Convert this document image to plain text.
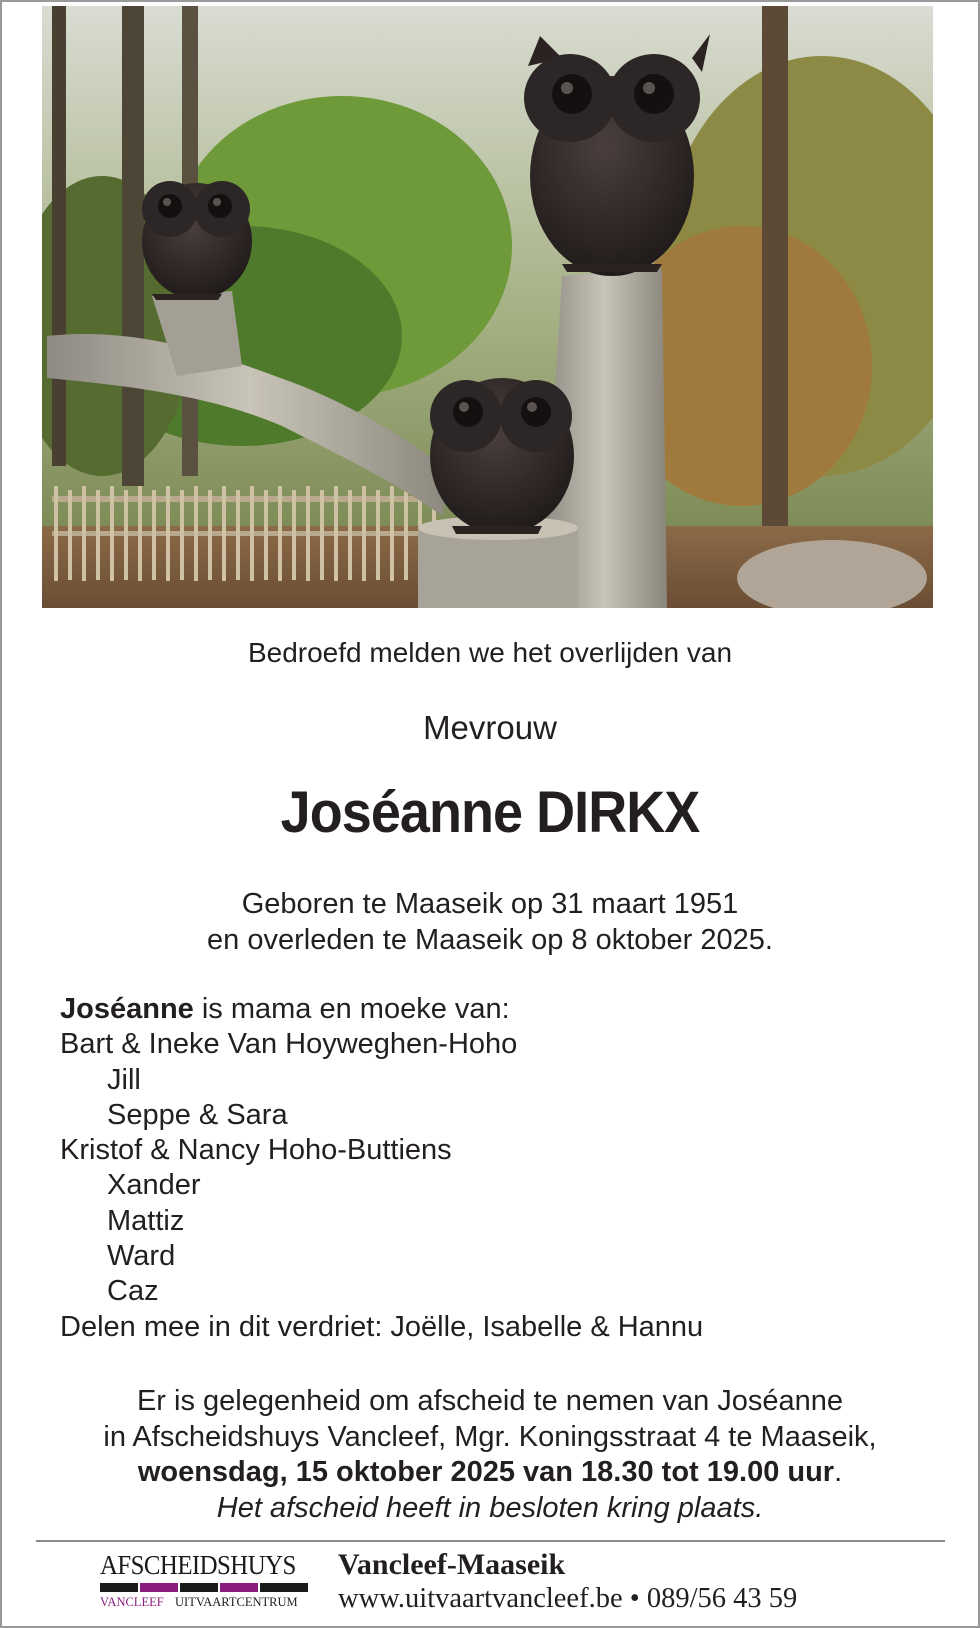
Bedroefd melden we het overlijden van
Mevrouw
Joséanne DIRKX
Geboren te Maaseik op 31 maart 1951
en overleden te Maaseik op 8 oktober 2025.
Joséanne is mama en moeke van:
Bart & Ineke Van Hoyweghen-Hoho
Jill
Seppe & Sara
Kristof & Nancy Hoho-Buttiens
Xander
Mattiz
Ward
Caz
Delen mee in dit verdriet: Joëlle, Isabelle & Hannu
Er is gelegenheid om afscheid te nemen van Joséanne
in Afscheidshuys Vancleef, Mgr. Koningsstraat 4 te Maaseik,
woensdag, 15 oktober 2025 van 18.30 tot 19.00 uur.
Het afscheid heeft in besloten kring plaats.
AFSCHEIDSHUYS
VANCLEEF UITVAARTCENTRUM
Vancleef-Maaseik
www.uitvaartvancleef.be • 089/56 43 59
